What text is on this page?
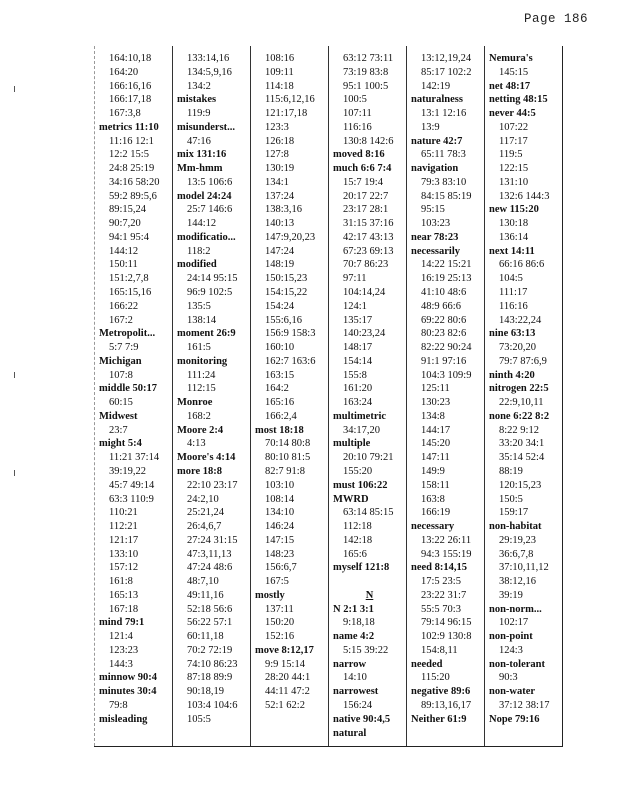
Page 186
164:10,18
164:20
166:16,16
166:17,18
167:3,8
metrics 11:10
11:16 12:1
12:2 15:5
24:8 25:19
34:16 58:20
59:2 89:5,6
89:15,24
90:7,20
94:1 95:4
144:12
150:11
151:2,7,8
165:15,16
166:22
167:2
Metropolit...
5:7 7:9
Michigan
107:8
middle 50:17
60:15
Midwest
23:7
might 5:4
11:21 37:14
39:19,22
45:7 49:14
63:3 110:9
110:21
112:21
121:17
133:10
157:12
161:8
165:13
167:18
mind 79:1
121:4
123:23
144:3
minnow 90:4
minutes 30:4
79:8
misleading
133:14,16
134:5,9,16
134:2
mistakes
119:9
misunderst...
47:16
mix 131:16
Mm-hmm
13:5 106:6
model 24:24
25:7 146:6
144:12
modificatio...
118:2
modified
24:14 95:15
96:9 102:5
135:5
138:14
moment 26:9
161:5
monitoring
111:24
112:15
Monroe
168:2
Moore 2:4
4:13
Moore's 4:14
more 18:8
22:10 23:17
24:2,10
25:21,24
26:4,6,7
27:24 31:15
47:3,11,13
47:24 48:6
48:7,10
49:11,16
52:18 56:6
56:22 57:1
60:11,18
70:2 72:19
74:10 86:23
87:18 89:9
90:18,19
103:4 104:6
105:5
108:16
109:11
114:18
115:6,12,16
121:17,18
123:3
126:18
127:8
130:19
134:1
137:24
138:3,16
140:13
147:9,20,23
147:24
148:19
150:15,23
154:15,22
154:24
155:6,16
156:9 158:3
160:10
162:7 163:6
163:15
164:2
165:16
166:2,4
most 18:18
70:14 80:8
80:10 81:5
82:7 91:8
103:10
108:14
134:10
146:24
147:15
148:23
156:6,7
167:5
mostly
137:11
150:20
152:16
move 8:12,17
9:9 15:14
28:20 44:1
44:11 47:2
52:1 62:2
63:12 73:11
73:19 83:8
95:1 100:5
100:5
107:11
116:16
130:8 142:6
moved 8:16
much 6:6 7:4
15:7 19:4
20:17 22:7
23:17 28:1
31:15 37:16
42:17 43:13
67:23 69:13
70:7 86:23
97:11
104:14,24
124:1
135:17
140:23,24
148:17
154:14
155:8
161:20
163:24
multimetric
34:17,20
multiple
20:10 79:21
155:20
must 106:22
MWRD
63:14 85:15
112:18
142:18
165:6
myself 121:8
N
N 2:1 3:1
9:18,18
name 4:2
5:15 39:22
narrow
14:10
narrowest
156:24
native 90:4,5
natural
13:12,19,24
85:17 102:2
142:19
naturalness
13:1 12:16
13:9
nature 42:7
65:11 78:3
navigation
79:3 83:10
84:15 85:19
95:15
103:23
near 78:23
necessarily
14:22 15:21
16:19 25:13
41:10 48:6
48:9 66:6
69:22 80:6
80:23 82:6
82:22 90:24
91:1 97:16
104:3 109:9
125:11
130:23
134:8
144:17
145:20
147:11
149:9
158:11
163:8
166:19
necessary
13:22 26:11
94:3 155:19
need 8:14,15
17:5 23:5
23:22 31:7
55:5 70:3
79:14 96:15
102:9 130:8
154:8,11
needed
115:20
negative 89:6
89:13,16,17
Neither 61:9
Nemura's
145:15
net 48:17
netting 48:15
never 44:5
107:22
117:17
119:5
122:15
131:10
132:6 144:3
new 115:20
130:18
136:14
next 14:11
66:16 86:6
104:5
111:17
116:16
143:22,24
nine 63:13
73:20,20
79:7 87:6,9
ninth 4:20
nitrogen 22:5
22:9,10,11
none 6:22 8:2
8:22 9:12
33:20 34:1
35:14 52:4
88:19
120:15,23
150:5
159:17
non-habitat
29:19,23
36:6,7,8
37:10,11,12
38:12,16
39:19
non-norm...
102:17
non-point
124:3
non-tolerant
90:3
non-water
37:12 38:17
Nope 79:16
